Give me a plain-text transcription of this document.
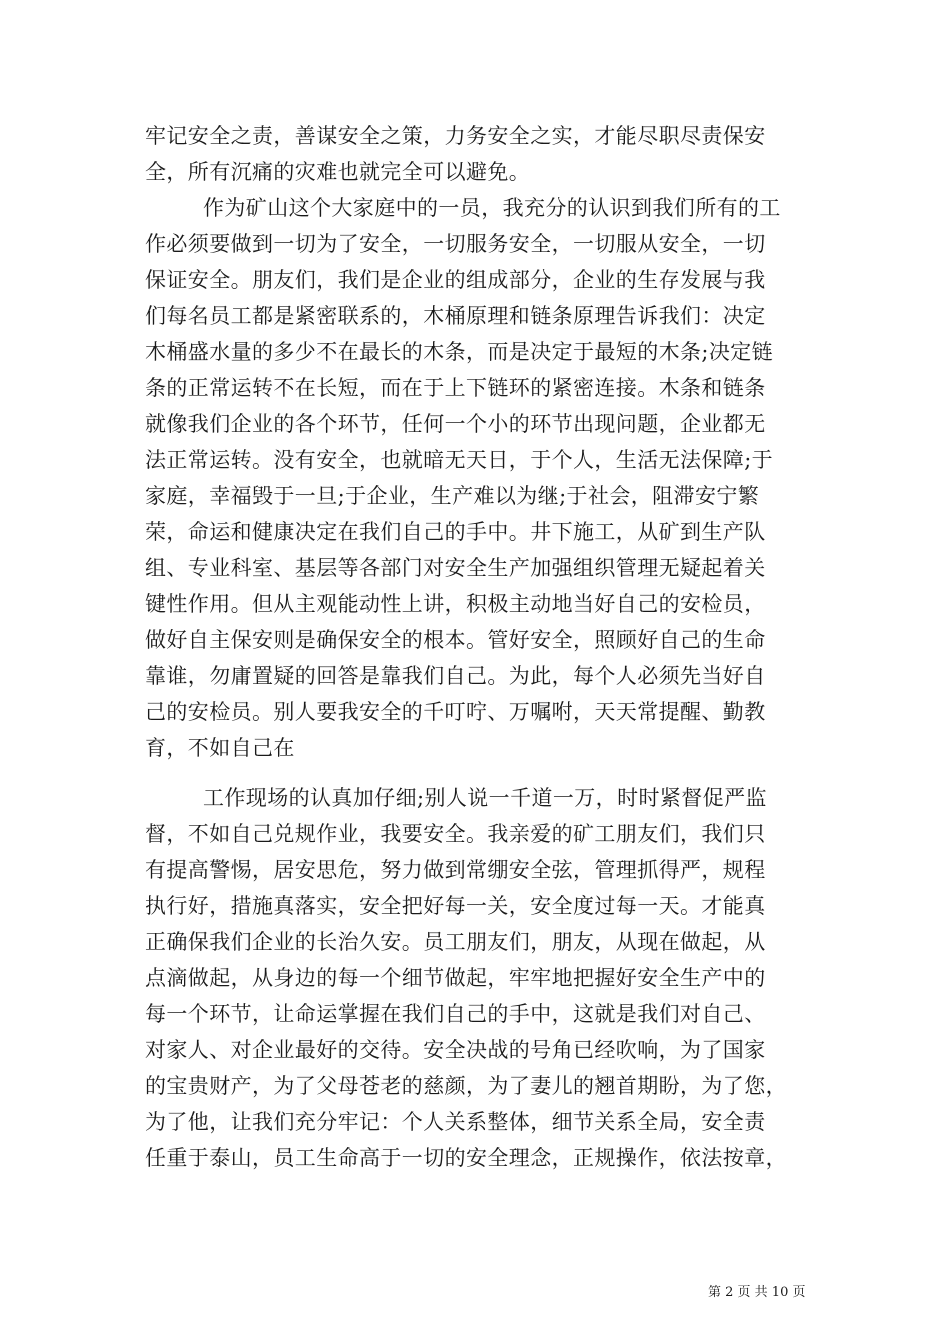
牢记安全之责，善谋安全之策，力务安全之实，才能尽职尽责保安
全，所有沉痛的灾难也就完全可以避免。
作为矿山这个大家庭中的一员，我充分的认识到我们所有的工
作必须要做到一切为了安全，一切服务安全，一切服从安全，一切
保证安全。朋友们，我们是企业的组成部分，企业的生存发展与我
们每名员工都是紧密联系的，木桶原理和链条原理告诉我们：决定
木桶盛水量的多少不在最长的木条，而是决定于最短的木条;决定链
条的正常运转不在长短，而在于上下链环的紧密连接。木条和链条
就像我们企业的各个环节，任何一个小的环节出现问题，企业都无
法正常运转。没有安全，也就暗无天日，于个人，生活无法保障;于
家庭，幸福毁于一旦;于企业，生产难以为继;于社会，阻滞安宁繁
荣，命运和健康决定在我们自己的手中。井下施工，从矿到生产队
组、专业科室、基层等各部门对安全生产加强组织管理无疑起着关
键性作用。但从主观能动性上讲，积极主动地当好自己的安检员，
做好自主保安则是确保安全的根本。管好安全，照顾好自己的生命
靠谁，勿庸置疑的回答是靠我们自己。为此，每个人必须先当好自
己的安检员。别人要我安全的千叮咛、万嘱咐，天天常提醒、勤教
育，不如自己在
工作现场的认真加仔细;别人说一千道一万，时时紧督促严监
督，不如自己兑规作业，我要安全。我亲爱的矿工朋友们，我们只
有提高警惕，居安思危，努力做到常绷安全弦，管理抓得严，规程
执行好，措施真落实，安全把好每一关，安全度过每一天。才能真
正确保我们企业的长治久安。员工朋友们，朋友，从现在做起，从
点滴做起，从身边的每一个细节做起，牢牢地把握好安全生产中的
每一个环节，让命运掌握在我们自己的手中，这就是我们对自己、
对家人、对企业最好的交待。安全决战的号角已经吹响，为了国家
的宝贵财产，为了父母苍老的慈颜，为了妻儿的翘首期盼，为了您，
为了他，让我们充分牢记：个人关系整体，细节关系全局，安全责
任重于泰山，员工生命高于一切的安全理念，正规操作，依法按章，
第 2 页 共 10 页
